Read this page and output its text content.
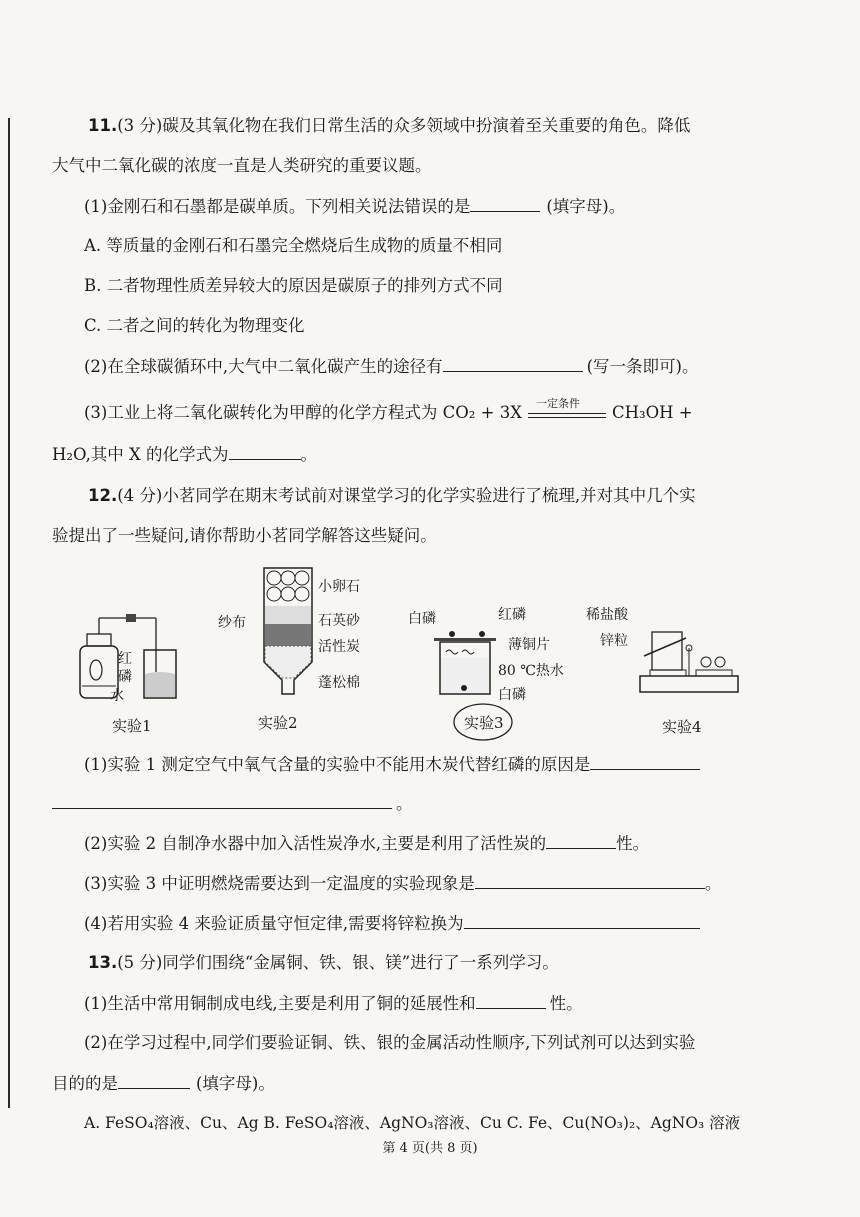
11.(3 分)碳及其氧化物在我们日常生活的众多领域中扮演着至关重要的角色。降低
大气中二氧化碳的浓度一直是人类研究的重要议题。
(1)金刚石和石墨都是碳单质。下列相关说法错误的是	(填字母)。
A. 等质量的金刚石和石墨完全燃烧后生成物的质量不相同
B. 二者物理性质差异较大的原因是碳原子的排列方式不同
C. 二者之间的转化为物理变化
(2)在全球碳循环中,大气中二氧化碳产生的途径有	(写一条即可)。
(3)工业上将二氧化碳转化为甲醇的化学方程式为 CO₂ + 3X 一定条件 CH₃OH +
H₂O,其中 X 的化学式为	。
12.(4 分)小茗同学在期末考试前对课堂学习的化学实验进行了梳理,并对其中几个实
验提出了一些疑问,请你帮助小茗同学解答这些疑问。
红
磷
水
实验1
小卵石
纱布	石英砂
活性炭
蓬松棉
实验2
白磷	红磷
薄铜片
80 ℃热水
白磷
实验3
稀盐酸
锌粒
实验4
(1)实验 1 测定空气中氧气含量的实验中不能用木炭代替红磷的原因是
。
(2)实验 2 自制净水器中加入活性炭净水,主要是利用了活性炭的	性。
(3)实验 3 中证明燃烧需要达到一定温度的实验现象是	。
(4)若用实验 4 来验证质量守恒定律,需要将锌粒换为
13.(5 分)同学们围绕“金属铜、铁、银、镁”进行了一系列学习。
(1)生活中常用铜制成电线,主要是利用了铜的延展性和	性。
(2)在学习过程中,同学们要验证铜、铁、银的金属活动性顺序,下列试剂可以达到实验
目的的是	(填字母)。
A. FeSO₄溶液、Cu、Ag B. FeSO₄溶液、AgNO₃溶液、Cu C. Fe、Cu(NO₃)₂、AgNO₃ 溶液
第 4 页(共 8 页)
